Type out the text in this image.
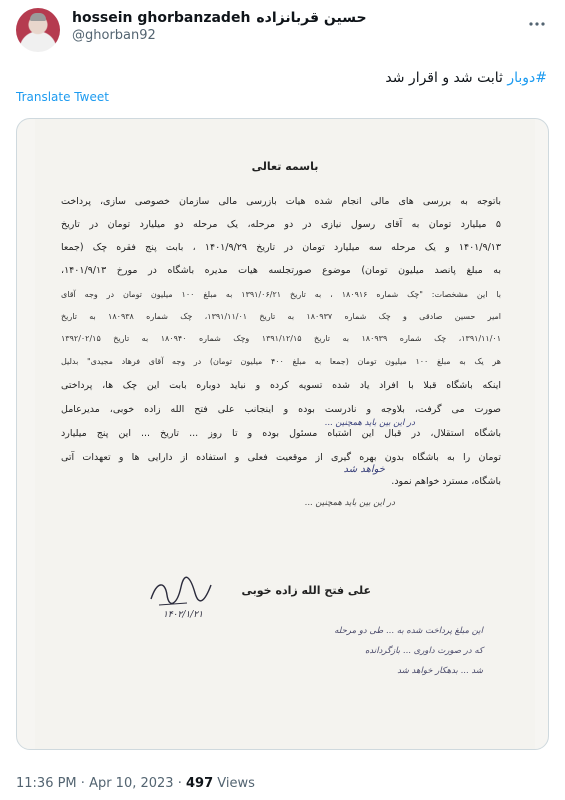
hossein ghorbanzadeh حسین قربانزاده
@ghorban92
#دوبار ثابت شد و اقرار شد
Translate Tweet
باسمه تعالی
باتوجه به بررسی های مالی انجام شده هیات بازرسی مالی سازمان خصوصی سازی، پرداخت
۵ میلیارد تومان به آقای رسول نیازی در دو مرحله، یک مرحله دو میلیارد تومان در تاریخ
۱۴۰۱/۹/۱۳ و یک مرحله سه میلیارد تومان در تاریخ ۱۴۰۱/۹/۲۹ ، بابت پنج فقره چک (جمعا
به مبلغ پانصد میلیون تومان) موضوع صورتجلسه هیات مدیره باشگاه در مورخ ۱۴۰۱/۹/۱۳،
با این مشخصات: "چک شماره ۱۸۰۹۱۶ ، به تاریخ ۱۳۹۱/۰۶/۲۱ به مبلغ ۱۰۰ میلیون تومان در وجه آقای
امیر حسین صادقی و چک شماره ۱۸۰۹۳۷ به تاریخ ۱۳۹۱/۱۱/۰۱، چک شماره ۱۸۰۹۳۸ به تاریخ
۱۳۹۱/۱۱/۰۱، چک شماره ۱۸۰۹۳۹ به تاریخ ۱۳۹۱/۱۲/۱۵ وچک شماره ۱۸۰۹۴۰ به تاریخ ۱۳۹۲/۰۲/۱۵
هر یک به مبلغ ۱۰۰ میلیون تومان (جمعا به مبلغ ۴۰۰ میلیون تومان) در وجه آقای فرهاد مجیدی" بدلیل
اینکه باشگاه قبلا با افراد یاد شده تسویه کرده و نباید دوباره بابت این چک ها، پرداختی
صورت می گرفت، بلاوجه و نادرست بوده و اینجانب علی فتح الله زاده خوبی، مدیرعامل
باشگاه استقلال، در قبال این اشتباه مسئول بوده و تا روز ... تاریخ ... این پنج میلیارد
تومان را به باشگاه بدون بهره گیری از موقعیت فعلی و استفاده از دارایی ها و تعهدات آتی
باشگاه، مسترد خواهم نمود.
در این بین باید همچنین ...
خواهد شد
در این بین باید همچنین ...
علی فتح الله زاده خوبی
۱۴۰۲/۱/۲۱
این مبلغ پرداخت شده به ... طی دو مرحله
که در صورت داوری ... بازگردانده
شد ... بدهکار خواهد شد
11:36 PM · Apr 10, 2023 · 497 Views
